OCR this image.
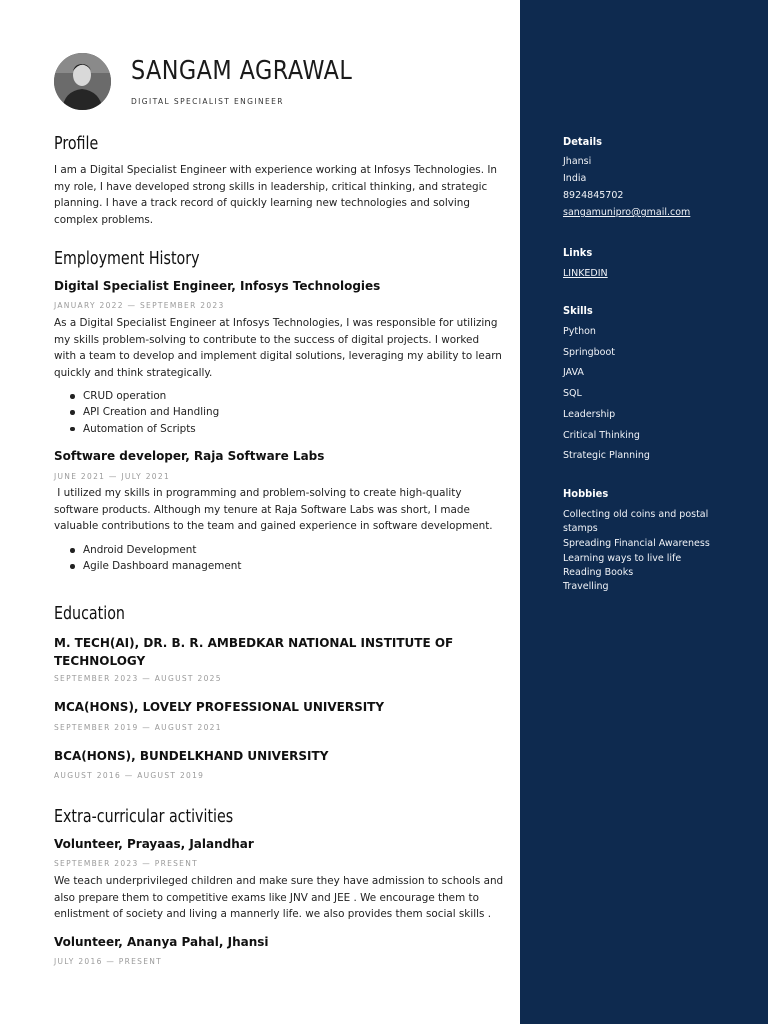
SANGAM AGRAWAL
DIGITAL SPECIALIST ENGINEER
Profile
I am a Digital Specialist Engineer with experience working at Infosys Technologies. In
my role, I have developed strong skills in leadership, critical thinking, and strategic
planning. I have a track record of quickly learning new technologies and solving
complex problems.
Employment History
Digital Specialist Engineer, Infosys Technologies
JANUARY 2022 — SEPTEMBER 2023
As a Digital Specialist Engineer at Infosys Technologies, I was responsible for utilizing
my skills problem-solving to contribute to the success of digital projects. I worked
with a team to develop and implement digital solutions, leveraging my ability to learn
quickly and think strategically.
CRUD operation
API Creation and Handling
Automation of Scripts
Software developer, Raja Software Labs
JUNE 2021 — JULY 2021
I utilized my skills in programming and problem-solving to create high-quality
software products. Although my tenure at Raja Software Labs was short, I made
valuable contributions to the team and gained experience in software development.
Android Development
Agile Dashboard management
Education
M. TECH(AI), DR. B. R. AMBEDKAR NATIONAL INSTITUTE OF
TECHNOLOGY
SEPTEMBER 2023 — AUGUST 2025
MCA(HONS), LOVELY PROFESSIONAL UNIVERSITY
SEPTEMBER 2019 — AUGUST 2021
BCA(HONS), BUNDELKHAND UNIVERSITY
AUGUST 2016 — AUGUST 2019
Extra-curricular activities
Volunteer, Prayaas, Jalandhar
SEPTEMBER 2023 — PRESENT
We teach underprivileged children and make sure they have admission to schools and
also prepare them to competitive exams like JNV and JEE . We encourage them to
enlistment of society and living a mannerly life. we also provides them social skills .
Volunteer, Ananya Pahal, Jhansi
JULY 2016 — PRESENT
Details
Jhansi
India
8924845702
sangamunipro@gmail.com
Links
LINKEDIN
Skills
Python
Springboot
JAVA
SQL
Leadership
Critical Thinking
Strategic Planning
Hobbies
Collecting old coins and postal
stamps
Spreading Financial Awareness
Learning ways to live life
Reading Books
Travelling
